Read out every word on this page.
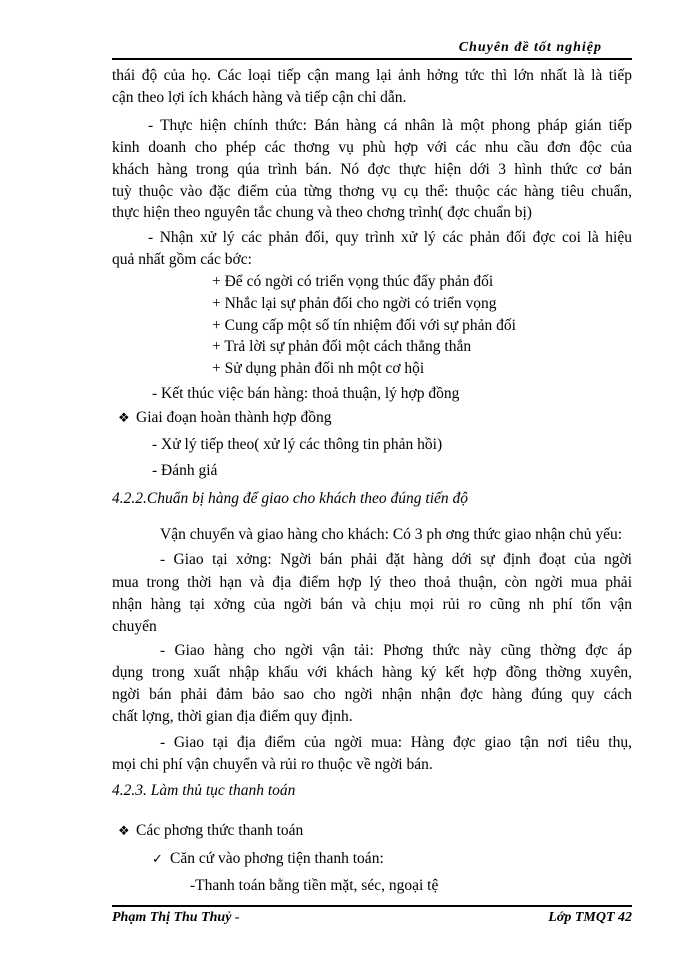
Chuyên đề tốt nghiệp
thái độ của họ. Các loại tiếp cận mang lại ảnh hởng tức thì lớn nhất là là tiếp
cận theo lợi ích khách hàng và tiếp cận chỉ dẫn.
- Thực hiện chính thức: Bán hàng cá nhân là một phong pháp gián tiếp
kinh doanh cho phép các thơng vụ phù hợp với các nhu cầu đơn độc của
khách hàng trong qúa trình bán. Nó đợc thực hiện dới 3 hình thức cơ bản
tuỳ thuộc vào đặc điểm của từng thơng vụ cụ thể: thuộc các hàng tiêu chuẩn,
thực hiện theo nguyên tắc chung và theo chơng trình( đợc chuẩn bị)
- Nhận xử lý các phản đối, quy trình xử lý các phản đối đợc coi là hiệu
quả nhất gồm các bớc:
+ Để có ngời có triển vọng thúc đẩy phản đối
+ Nhắc lại sự phản đối cho ngời có triển vọng
+ Cung cấp một số tín nhiệm đối với sự phản đối
+ Trả lời sự phản đối một cách thẳng thắn
+ Sử dụng phản đối nh một cơ hội
- Kết thúc việc bán hàng: thoả thuận, lý hợp đồng
❖ Giai đoạn hoàn thành hợp đồng
- Xử lý tiếp theo( xử lý các thông tin phản hồi)
- Đánh giá
4.2.2.Chuẩn bị hàng để giao cho khách theo đúng tiến độ
Vận chuyển và giao hàng cho khách: Có 3 ph ơng thức giao nhận chủ yếu:
- Giao tại xởng: Ngời bán phải đặt hàng dới sự định đoạt của ngời
mua trong thời hạn và địa điểm hợp lý theo thoả thuận, còn ngời mua phải
nhận hàng tại xởng của ngời bán và chịu mọi rủi ro cũng nh phí tổn vận
chuyển
- Giao hàng cho ngời vận tải: Phơng thức này cũng thờng đợc áp
dụng trong xuất nhập khẩu với khách hàng ký kết hợp đồng thờng xuyên,
ngời bán phải đảm bảo sao cho ngời nhận nhận đợc hàng đúng quy cách
chất lợng, thời gian địa điểm quy định.
- Giao tại địa điểm của ngời mua: Hàng đợc giao tận nơi tiêu thụ,
mọi chi phí vận chuyển và rủi ro thuộc về ngời bán.
4.2.3. Làm thủ tục thanh toán
❖ Các phơng thức thanh toán
✓ Căn cứ vào phơng tiện thanh toán:
-Thanh toán bằng tiền mặt, séc, ngoại tệ
Phạm Thị Thu Thuỷ -	Lớp TMQT 42
